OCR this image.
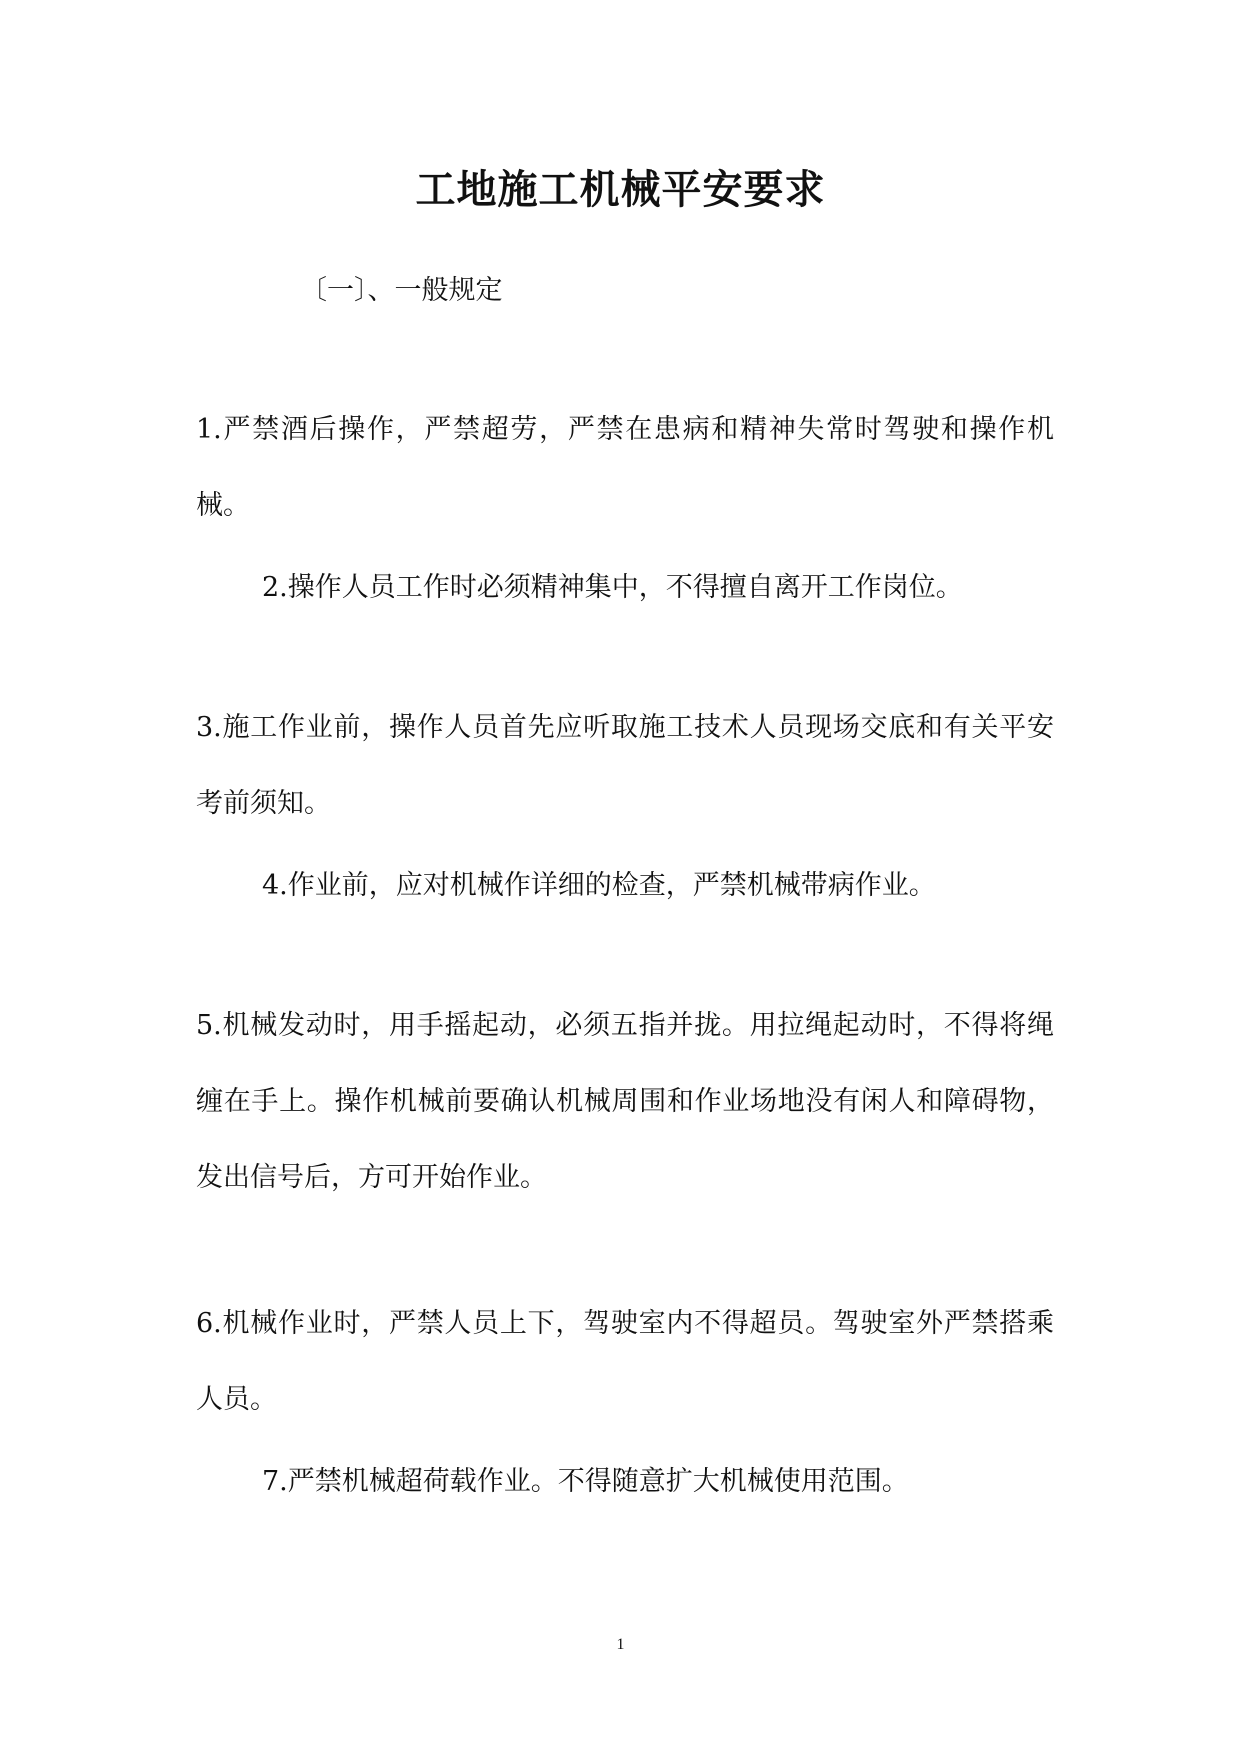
工地施工机械平安要求

〔一〕、一般规定

1.严禁酒后操作，严禁超劳，严禁在患病和精神失常时驾驶和操作机械。

2.操作人员工作时必须精神集中，不得擅自离开工作岗位。

3.施工作业前，操作人员首先应听取施工技术人员现场交底和有关平安考前须知。

4.作业前，应对机械作详细的检查，严禁机械带病作业。

5.机械发动时，用手摇起动，必须五指并拢。用拉绳起动时，不得将绳缠在手上。操作机械前要确认机械周围和作业场地没有闲人和障碍物，发出信号后，方可开始作业。

6.机械作业时，严禁人员上下，驾驶室内不得超员。驾驶室外严禁搭乘人员。

7.严禁机械超荷载作业。不得随意扩大机械使用范围。

1
